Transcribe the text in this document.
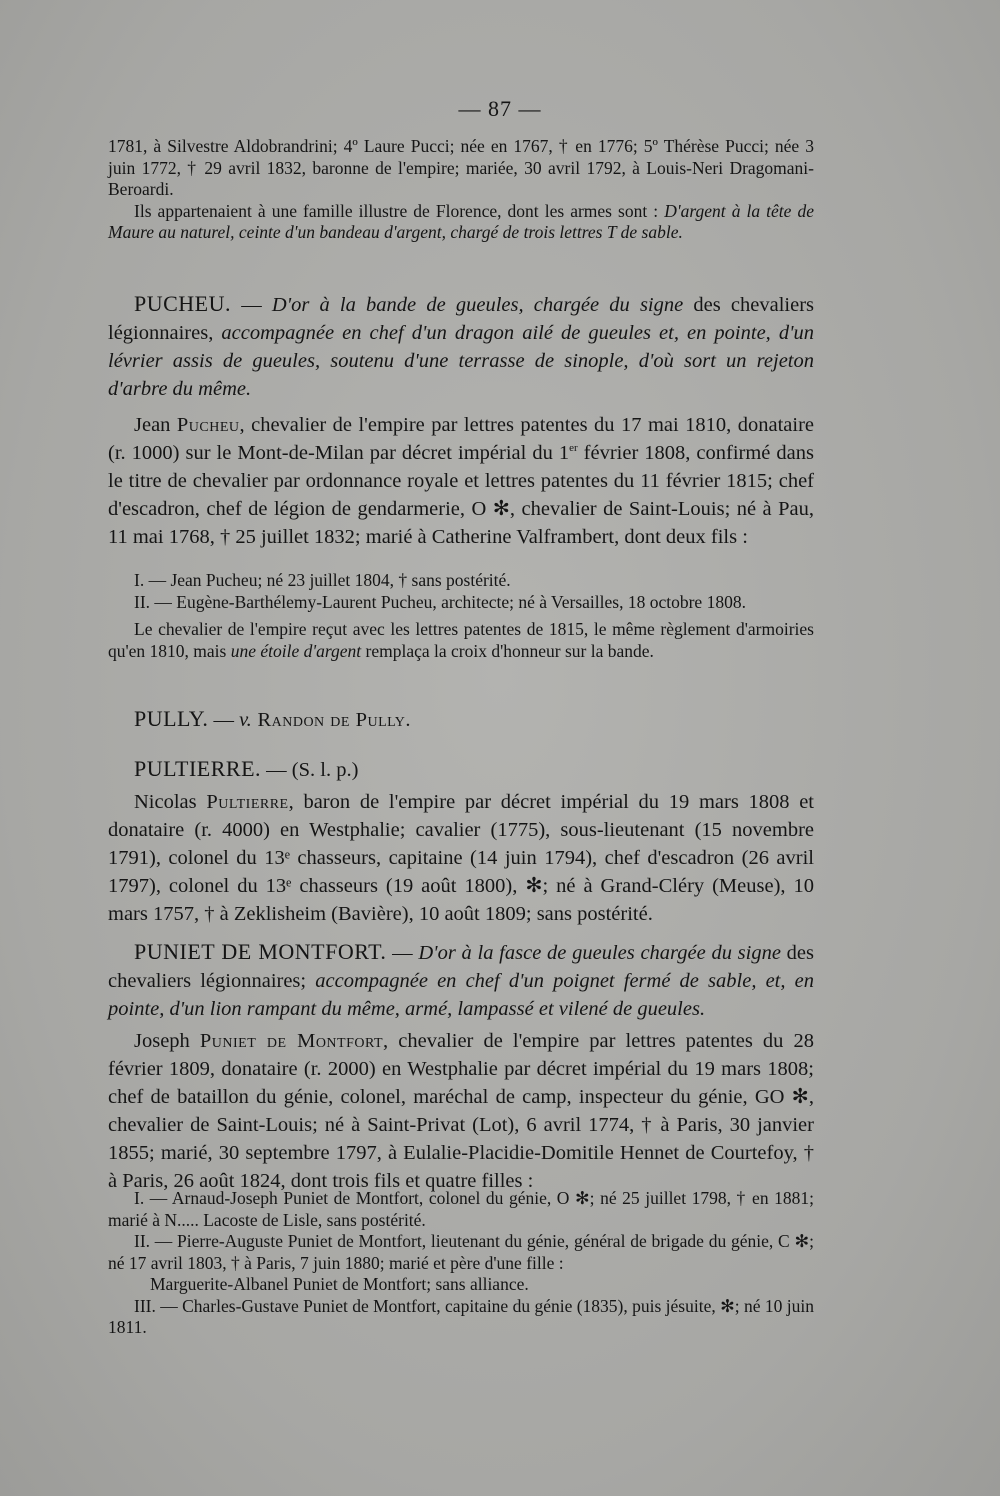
— 87 —
1781, à Silvestre Aldobrandrini; 4º Laure Pucci; née en 1767, † en 1776; 5º Thérèse Pucci; née 3 juin 1772, † 29 avril 1832, baronne de l'empire; mariée, 30 avril 1792, à Louis-Neri Dragomani-Beroardi.
Ils appartenaient à une famille illustre de Florence, dont les armes sont : D'argent à la tête de Maure au naturel, ceinte d'un bandeau d'argent, chargé de trois lettres T de sable.
PUCHEU. — D'or à la bande de gueules, chargée du signe des chevaliers légionnaires, accompagnée en chef d'un dragon ailé de gueules et, en pointe, d'un lévrier assis de gueules, soutenu d'une terrasse de sinople, d'où sort un rejeton d'arbre du même.
Jean Pucheu, chevalier de l'empire par lettres patentes du 17 mai 1810, donataire (r. 1000) sur le Mont-de-Milan par décret impérial du 1er février 1808, confirmé dans le titre de chevalier par ordonnance royale et lettres patentes du 11 février 1815; chef d'escadron, chef de légion de gendarmerie, O ✻, chevalier de Saint-Louis; né à Pau, 11 mai 1768, † 25 juillet 1832; marié à Catherine Valframbert, dont deux fils :
I. — Jean Pucheu; né 23 juillet 1804, † sans postérité.
II. — Eugène-Barthélemy-Laurent Pucheu, architecte; né à Versailles, 18 octobre 1808.
Le chevalier de l'empire reçut avec les lettres patentes de 1815, le même règlement d'armoiries qu'en 1810, mais une étoile d'argent remplaça la croix d'honneur sur la bande.
PULLY. — v. Randon de Pully.
PULTIERRE. — (S. l. p.)
Nicolas Pultierre, baron de l'empire par décret impérial du 19 mars 1808 et donataire (r. 4000) en Westphalie; cavalier (1775), sous-lieutenant (15 novembre 1791), colonel du 13ᵉ chasseurs, capitaine (14 juin 1794), chef d'escadron (26 avril 1797), colonel du 13ᵉ chasseurs (19 août 1800), ✻; né à Grand-Cléry (Meuse), 10 mars 1757, † à Zeklisheim (Bavière), 10 août 1809; sans postérité.
PUNIET DE MONTFORT. — D'or à la fasce de gueules chargée du signe des chevaliers légionnaires; accompagnée en chef d'un poignet fermé de sable, et, en pointe, d'un lion rampant du même, armé, lampassé et vilené de gueules.
Joseph Puniet de Montfort, chevalier de l'empire par lettres patentes du 28 février 1809, donataire (r. 2000) en Westphalie par décret impérial du 19 mars 1808; chef de bataillon du génie, colonel, maréchal de camp, inspecteur du génie, GO ✻, chevalier de Saint-Louis; né à Saint-Privat (Lot), 6 avril 1774, † à Paris, 30 janvier 1855; marié, 30 septembre 1797, à Eulalie-Placidie-Domitile Hennet de Courtefoy, † à Paris, 26 août 1824, dont trois fils et quatre filles :
I. — Arnaud-Joseph Puniet de Montfort, colonel du génie, O ✻; né 25 juillet 1798, † en 1881; marié à N..... Lacoste de Lisle, sans postérité.
II. — Pierre-Auguste Puniet de Montfort, lieutenant du génie, général de brigade du génie, C ✻; né 17 avril 1803, † à Paris, 7 juin 1880; marié et père d'une fille :
Marguerite-Albanel Puniet de Montfort; sans alliance.
III. — Charles-Gustave Puniet de Montfort, capitaine du génie (1835), puis jésuite, ✻; né 10 juin 1811.
